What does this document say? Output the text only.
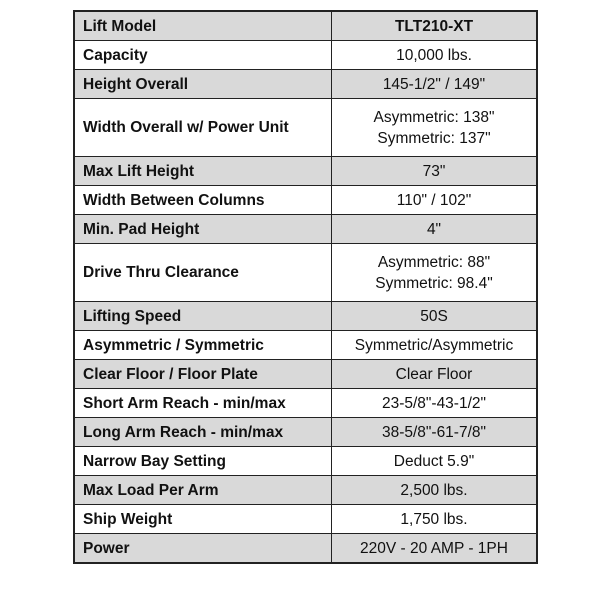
Lift Model	TLT210-XT
Capacity	10,000 lbs.
Height Overall	145-1/2" / 149"
Width Overall w/ Power Unit	Asymmetric: 138"
Symmetric: 137"

Max Lift Height	73"
Width Between Columns	110" / 102"
Min. Pad Height	4"
Drive Thru Clearance	Asymmetric: 88"
Symmetric: 98.4"

Lifting Speed	50S
Asymmetric / Symmetric	Symmetric/Asymmetric
Clear Floor / Floor Plate	Clear Floor
Short Arm Reach - min/max	23-5/8"-43-1/2"
Long Arm Reach - min/max	38-5/8"-61-7/8"
Narrow Bay Setting	Deduct 5.9"
Max Load Per Arm	2,500 lbs.
Ship Weight	1,750 lbs.
Power	220V - 20 AMP - 1PH
